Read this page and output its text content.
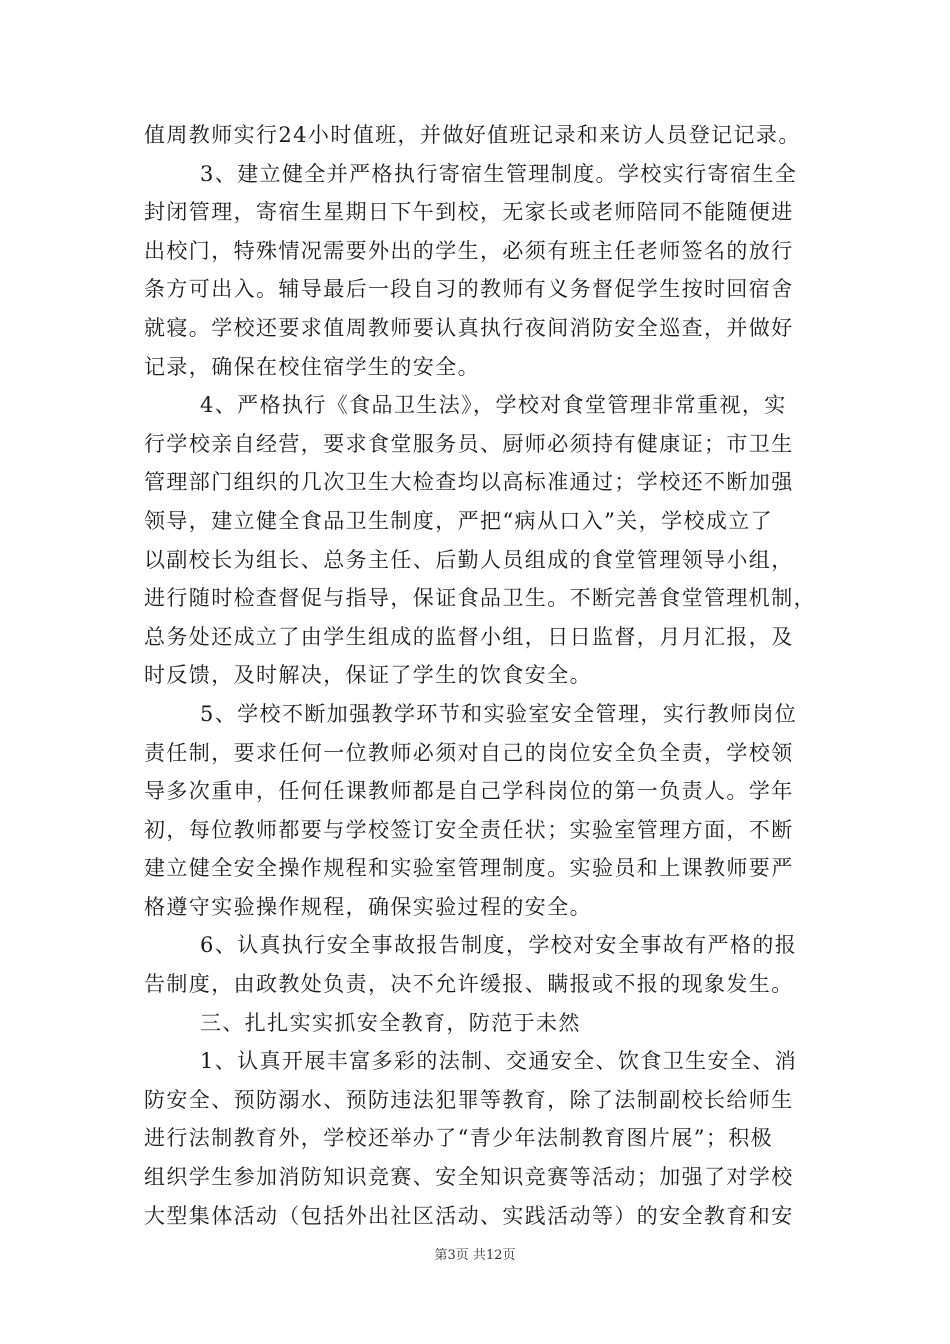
值周教师实行24小时值班，并做好值班记录和来访人员登记记录。
3、建立健全并严格执行寄宿生管理制度。学校实行寄宿生全
封闭管理，寄宿生星期日下午到校，无家长或老师陪同不能随便进
出校门，特殊情况需要外出的学生，必须有班主任老师签名的放行
条方可出入。辅导最后一段自习的教师有义务督促学生按时回宿舍
就寝。学校还要求值周教师要认真执行夜间消防安全巡查，并做好
记录，确保在校住宿学生的安全。
4、严格执行《食品卫生法》，学校对食堂管理非常重视，实
行学校亲自经营，要求食堂服务员、厨师必须持有健康证；市卫生
管理部门组织的几次卫生大检查均以高标准通过；学校还不断加强
领导，建立健全食品卫生制度，严把“病从口入”关，学校成立了
以副校长为组长、总务主任、后勤人员组成的食堂管理领导小组，
进行随时检查督促与指导，保证食品卫生。不断完善食堂管理机制，
总务处还成立了由学生组成的监督小组，日日监督，月月汇报，及
时反馈，及时解决，保证了学生的饮食安全。
5、学校不断加强教学环节和实验室安全管理，实行教师岗位
责任制，要求任何一位教师必须对自己的岗位安全负全责，学校领
导多次重申，任何任课教师都是自己学科岗位的第一负责人。学年
初，每位教师都要与学校签订安全责任状；实验室管理方面，不断
建立健全安全操作规程和实验室管理制度。实验员和上课教师要严
格遵守实验操作规程，确保实验过程的安全。
6、认真执行安全事故报告制度，学校对安全事故有严格的报
告制度，由政教处负责，决不允许缓报、瞒报或不报的现象发生。
三、扎扎实实抓安全教育，防范于未然
1、认真开展丰富多彩的法制、交通安全、饮食卫生安全、消
防安全、预防溺水、预防违法犯罪等教育，除了法制副校长给师生
进行法制教育外，学校还举办了“青少年法制教育图片展”；积极
组织学生参加消防知识竞赛、安全知识竞赛等活动；加强了对学校
大型集体活动（包括外出社区活动、实践活动等）的安全教育和安
第3页 共12页
